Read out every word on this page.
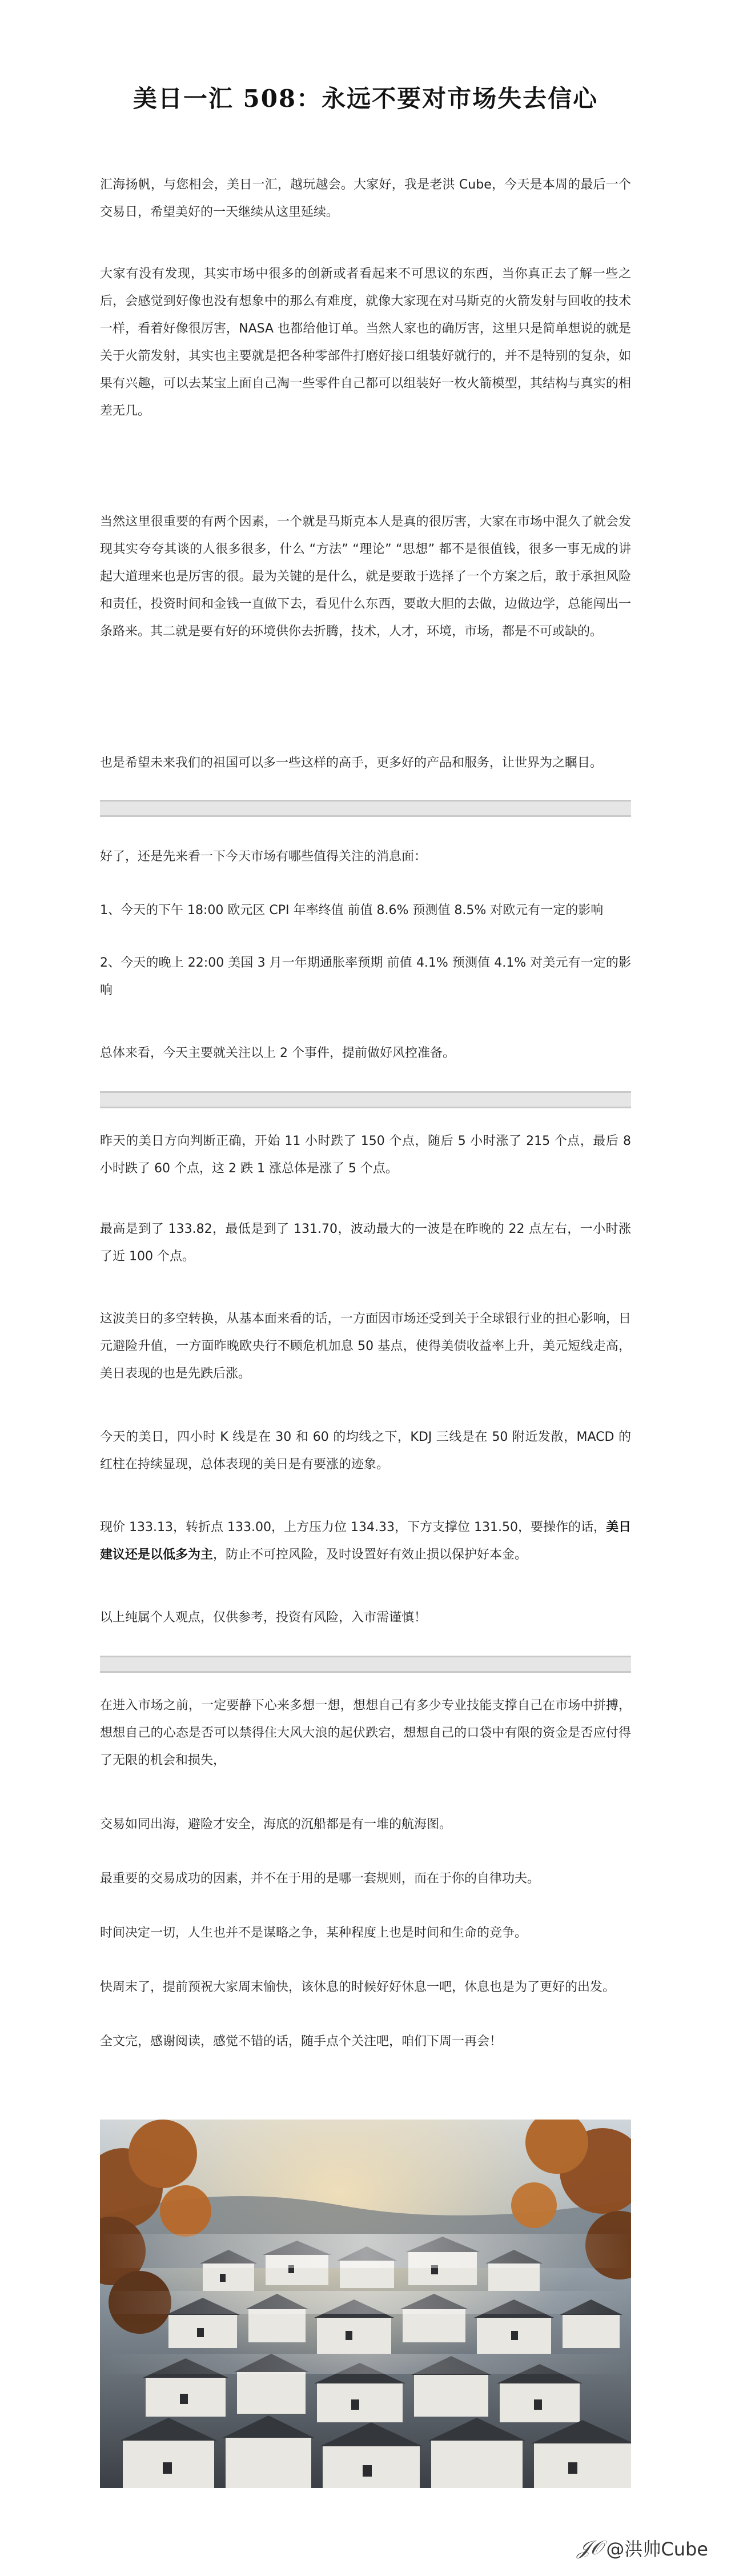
美日一汇 508：永远不要对市场失去信心

汇海扬帆，与您相会，美日一汇，越玩越会。大家好，我是老洪 Cube，今天是本周的最后一个交易日，希望美好的一天继续从这里延续。

大家有没有发现，其实市场中很多的创新或者看起来不可思议的东西，当你真正去了解一些之后，会感觉到好像也没有想象中的那么有难度，就像大家现在对马斯克的火箭发射与回收的技术一样，看着好像很厉害，NASA 也都给他订单。当然人家也的确厉害，这里只是简单想说的就是关于火箭发射，其实也主要就是把各种零部件打磨好接口组装好就行的，并不是特别的复杂，如果有兴趣，可以去某宝上面自己淘一些零件自己都可以组装好一枚火箭模型，其结构与真实的相差无几。

当然这里很重要的有两个因素，一个就是马斯克本人是真的很厉害，大家在市场中混久了就会发现其实夸夸其谈的人很多很多，什么 “方法” “理论” “思想” 都不是很值钱，很多一事无成的讲起大道理来也是厉害的很。最为关键的是什么，就是要敢于选择了一个方案之后，敢于承担风险和责任，投资时间和金钱一直做下去，看见什么东西，要敢大胆的去做，边做边学，总能闯出一条路来。其二就是要有好的环境供你去折腾，技术，人才，环境，市场，都是不可或缺的。

也是希望未来我们的祖国可以多一些这样的高手，更多好的产品和服务，让世界为之瞩目。

好了，还是先来看一下今天市场有哪些值得关注的消息面：

1、今天的下午 18:00 欧元区 CPI 年率终值 前值 8.6% 预测值 8.5% 对欧元有一定的影响

2、今天的晚上 22:00 美国 3 月一年期通胀率预期 前值 4.1% 预测值 4.1% 对美元有一定的影响

总体来看，今天主要就关注以上 2 个事件，提前做好风控准备。

昨天的美日方向判断正确，开始 11 小时跌了 150 个点，随后 5 小时涨了 215 个点，最后 8 小时跌了 60 个点，这 2 跌 1 涨总体是涨了 5 个点。

最高是到了 133.82，最低是到了 131.70，波动最大的一波是在昨晚的 22 点左右，一小时涨了近 100 个点。

这波美日的多空转换，从基本面来看的话，一方面因市场还受到关于全球银行业的担心影响，日元避险升值，一方面昨晚欧央行不顾危机加息 50 基点，使得美债收益率上升，美元短线走高，美日表现的也是先跌后涨。

今天的美日，四小时 K 线是在 30 和 60 的均线之下，KDJ 三线是在 50 附近发散，MACD 的红柱在持续显现，总体表现的美日是有要涨的迹象。

现价 133.13，转折点 133.00，上方压力位 134.33，下方支撑位 131.50，要操作的话，美日建议还是以低多为主，防止不可控风险，及时设置好有效止损以保护好本金。

以上纯属个人观点，仅供参考，投资有风险，入市需谨慎！

在进入市场之前，一定要静下心来多想一想，想想自己有多少专业技能支撑自己在市场中拼搏，想想自己的心态是否可以禁得住大风大浪的起伏跌宕，想想自己的口袋中有限的资金是否应付得了无限的机会和损失，

交易如同出海，避险才安全，海底的沉船都是有一堆的航海图。

最重要的交易成功的因素，并不在于用的是哪一套规则，而在于你的自律功夫。

时间决定一切，人生也并不是谋略之争，某种程度上也是时间和生命的竞争。

快周末了，提前预祝大家周末愉快，该休息的时候好好休息一吧，休息也是为了更好的出发。

全文完，感谢阅读，感觉不错的话，随手点个关注吧，咱们下周一再会！

𝒥𝒪 @洪帅Cube
